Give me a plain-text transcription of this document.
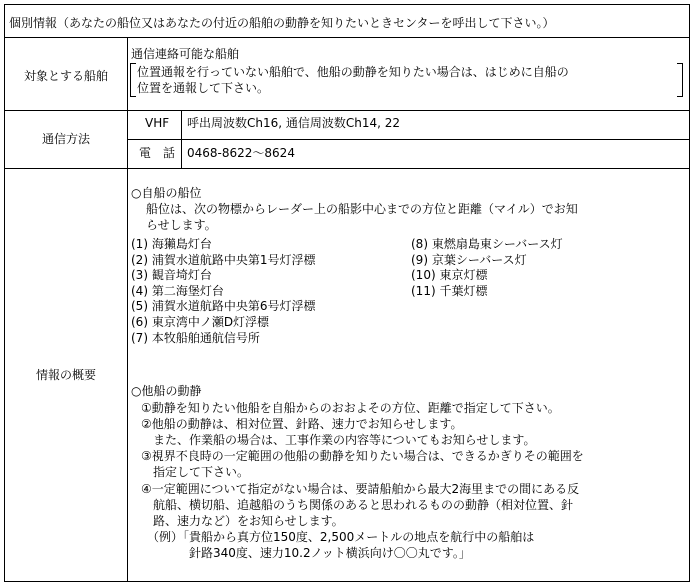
個別情報（あなたの船位又はあなたの付近の船舶の動静を知りたいときセンターを呼出して下さい。）
対象とする船舶
通信連絡可能な船舶
位置通報を行っていない船舶で、他船の動静を知りたい場合は、はじめに自船の
位置を通報して下さい。
通信方法
VHF 呼出周波数Ch16, 通信周波数Ch14, 22
電　話 0468-8622～8624
情報の概要
○自船の船位
船位は、次の物標からレーダー上の船影中心までの方位と距離（マイル）でお知
らせします。
(1) 海獺島灯台
(2) 浦賀水道航路中央第1号灯浮標
(3) 観音埼灯台
(4) 第二海堡灯台
(5) 浦賀水道航路中央第6号灯浮標
(6) 東京湾中ノ瀬D灯浮標
(7) 本牧船舶通航信号所
(8) 東燃扇島東シーバース灯
(9) 京葉シーバース灯
(10) 東京灯標
(11) 千葉灯標
○他船の動静
①動静を知りたい他船を自船からのおおよその方位、距離で指定して下さい。
②他船の動静は、相対位置、針路、速力でお知らせします。
　また、作業船の場合は、工事作業の内容等についてもお知らせします。
③視界不良時の一定範囲の他船の動静を知りたい場合は、できるかぎりその範囲を
　指定して下さい。
④一定範囲について指定がない場合は、要請船舶から最大2海里までの間にある反
　航船、横切船、追越船のうち関係のあると思われるものの動静（相対位置、針
　路、速力など）をお知らせします。
　（例）「貴船から真方位150度、2,500メートルの地点を航行中の船舶は
　　　　針路340度、速力10.2ノット横浜向け〇〇丸です。」
